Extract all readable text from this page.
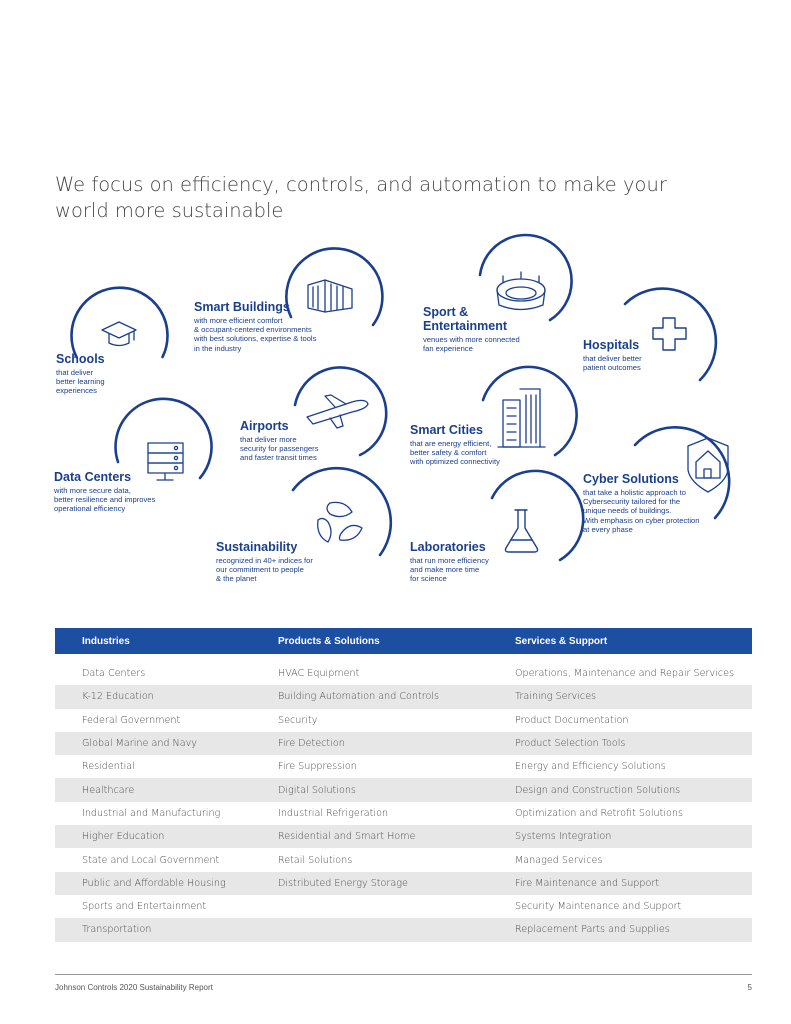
We focus on efficiency, controls, and automation to make your
world more sustainable
Smart Buildings
with more efficient comfort
& occupant-centered environments
with best solutions, expertise & tools
in the industry
Sport &
Entertainment
venues with more connected
fan experience
Schools
that deliver
better learning
experiences
Hospitals
that deliver better
patient outcomes
Airports
that deliver more
security for passengers
and faster transit times
Smart Cities
that are energy efficient,
better safety & comfort
with optimized connectivity
Data Centers
with more secure data,
better resilience and improves
operational efficiency
Cyber Solutions
that take a holistic approach to
Cybersecurity tailored for the
unique needs of buildings.
With emphasis on cyber protection
at every phase
Sustainability
recognized in 40+ indices for
our commitment to people
& the planet
Laboratories
that run more efficiency
and make more time
for science
Industries	Products & Solutions	Services & Support

Data Centers	HVAC Equipment	Operations, Maintenance and Repair Services
K-12 Education	Building Automation and Controls	Training Services
Federal Government	Security	Product Documentation
Global Marine and Navy	Fire Detection	Product Selection Tools
Residential	Fire Suppression	Energy and Efficiency Solutions
Healthcare	Digital Solutions	Design and Construction Solutions
Industrial and Manufacturing	Industrial Refrigeration	Optimization and Retrofit Solutions
Higher Education	Residential and Smart Home	Systems Integration
State and Local Government	Retail Solutions	Managed Services
Public and Affordable Housing	Distributed Energy Storage	Fire Maintenance and Support
Sports and Entertainment		Security Maintenance and Support
Transportation		Replacement Parts and Supplies
Johnson Controls 2020 Sustainability Report	5
